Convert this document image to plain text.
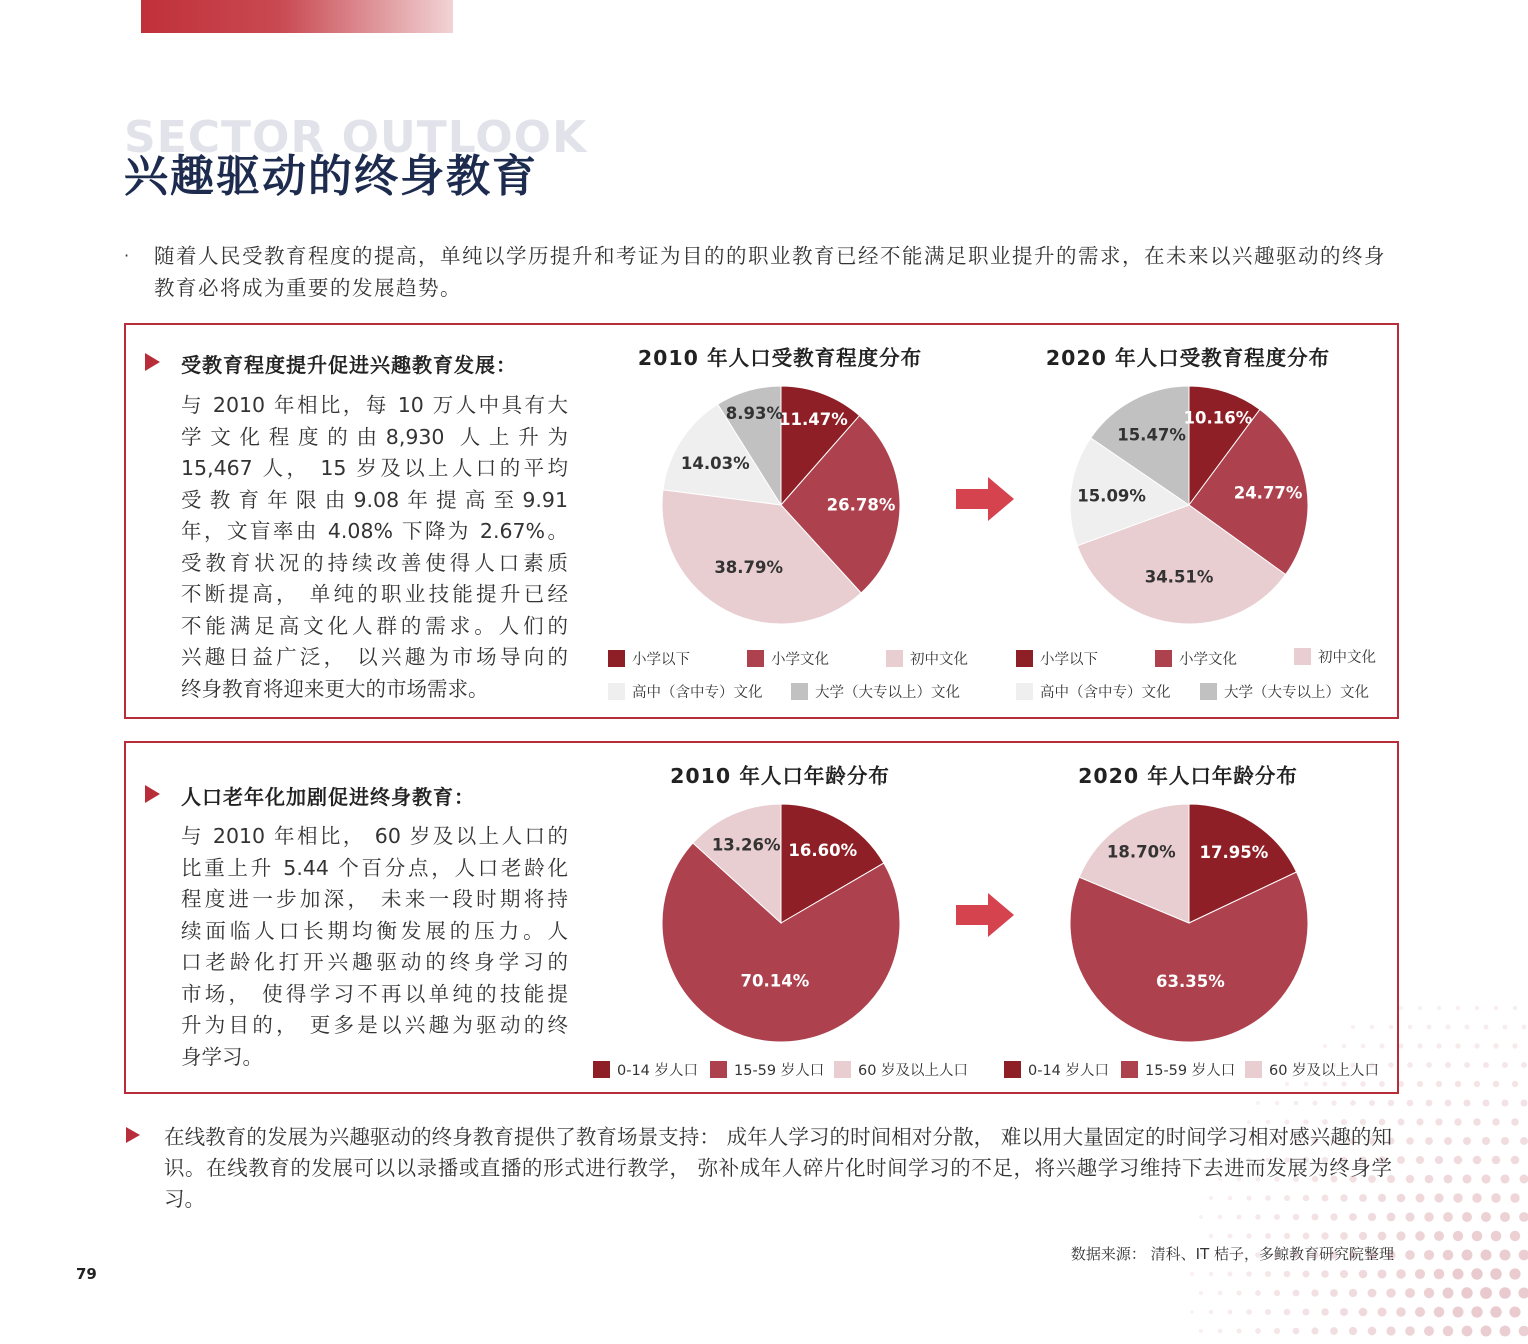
SECTOR OUTLOOK
兴趣驱动的终身教育
· 随着人民受教育程度的提高，单纯以学历提升和考证为目的的职业教育已经不能满足职业提升的需求，在未来以兴趣驱动的终身教育必将成为重要的发展趋势。
受教育程度提升促进兴趣教育发展：
与 2010 年相比，每 10 万人中具有大
学文化程度的由8,930 人上升为
15,467 人， 15 岁及以上人口的平均
受教育年限由9.08年提高至9.91
年，文盲率由 4.08% 下降为 2.67%。
受教育状况的持续改善使得人口素质
不断提高， 单纯的职业技能提升已经
不能满足高文化人群的需求。人们的
兴趣日益广泛， 以兴趣为市场导向的
终身教育将迎来更大的市场需求。
2010 年人口受教育程度分布	2020 年人口受教育程度分布
11.47%
26.78%
38.79%
14.03%
8.93%	10.16%
24.77%
34.51%
15.09%
15.47%
小学以下	小学文化	初中文化
高中（含中专）文化	大学（大专以上）文化
小学以下	小学文化	初中文化
高中（含中专）文化	大学（大专以上）文化
人口老年化加剧促进终身教育：
与 2010 年相比， 60 岁及以上人口的
比重上升 5.44 个百分点，人口老龄化
程度进一步加深， 未来一段时期将持
续面临人口长期均衡发展的压力。人
口老龄化打开兴趣驱动的终身学习的
市场， 使得学习不再以单纯的技能提
升为目的， 更多是以兴趣为驱动的终
身学习。
2010 年人口年龄分布	2020 年人口年龄分布
16.60%
70.14%
13.26%	17.95%
63.35%
18.70%
0-14 岁人口	15-59 岁人口	60 岁及以上人口	0-14 岁人口	15-59 岁人口	60 岁及以上人口
在线教育的发展为兴趣驱动的终身教育提供了教育场景支持： 成年人学习的时间相对分散， 难以用大量固定的时间学习相对感兴趣的知识。在线教育的发展可以以录播或直播的形式进行教学， 弥补成年人碎片化时间学习的不足，将兴趣学习维持下去进而发展为终身学习。
数据来源： 清科、IT 桔子，多鲸教育研究院整理
79
